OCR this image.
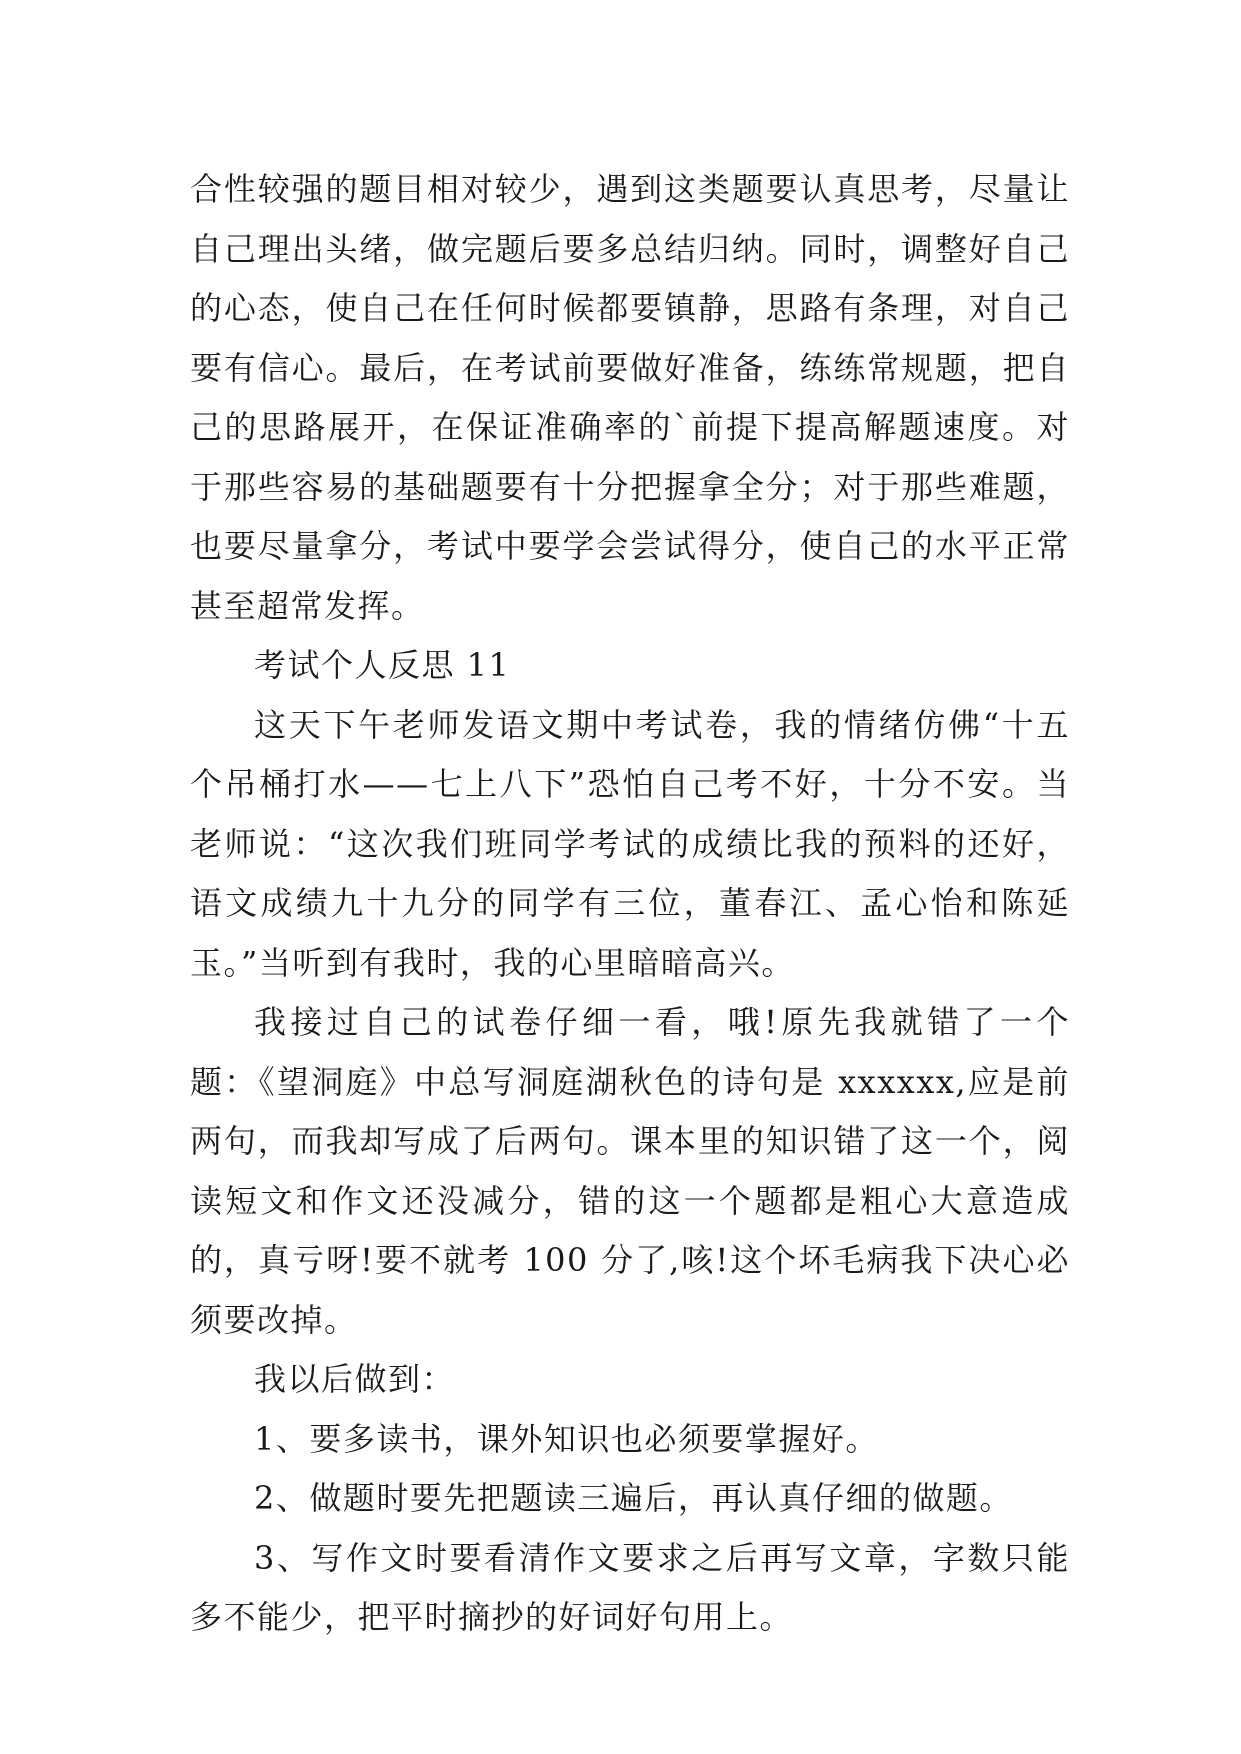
合性较强的题目相对较少，遇到这类题要认真思考，尽量让自己理出头绪，做完题后要多总结归纳。同时，调整好自己的心态，使自己在任何时候都要镇静，思路有条理，对自己要有信心。最后，在考试前要做好准备，练练常规题，把自己的思路展开，在保证准确率的`前提下提高解题速度。对于那些容易的基础题要有十分把握拿全分；对于那些难题，也要尽量拿分，考试中要学会尝试得分，使自己的水平正常甚至超常发挥。

考试个人反思 11

这天下午老师发语文期中考试卷，我的情绪仿佛“十五个吊桶打水——七上八下”恐怕自己考不好，十分不安。当老师说：“这次我们班同学考试的成绩比我的预料的还好，语文成绩九十九分的同学有三位，董春江、孟心怡和陈延玉。”当听到有我时，我的心里暗暗高兴。

我接过自己的试卷仔细一看，哦!原先我就错了一个题：《望洞庭》中总写洞庭湖秋色的诗句是 xxxxxx,应是前两句，而我却写成了后两句。课本里的知识错了这一个，阅读短文和作文还没减分，错的这一个题都是粗心大意造成的，真亏呀!要不就考 100 分了,咳!这个坏毛病我下决心必须要改掉。

我以后做到：

1、要多读书，课外知识也必须要掌握好。

2、做题时要先把题读三遍后，再认真仔细的做题。

3、写作文时要看清作文要求之后再写文章，字数只能多不能少，把平时摘抄的好词好句用上。
